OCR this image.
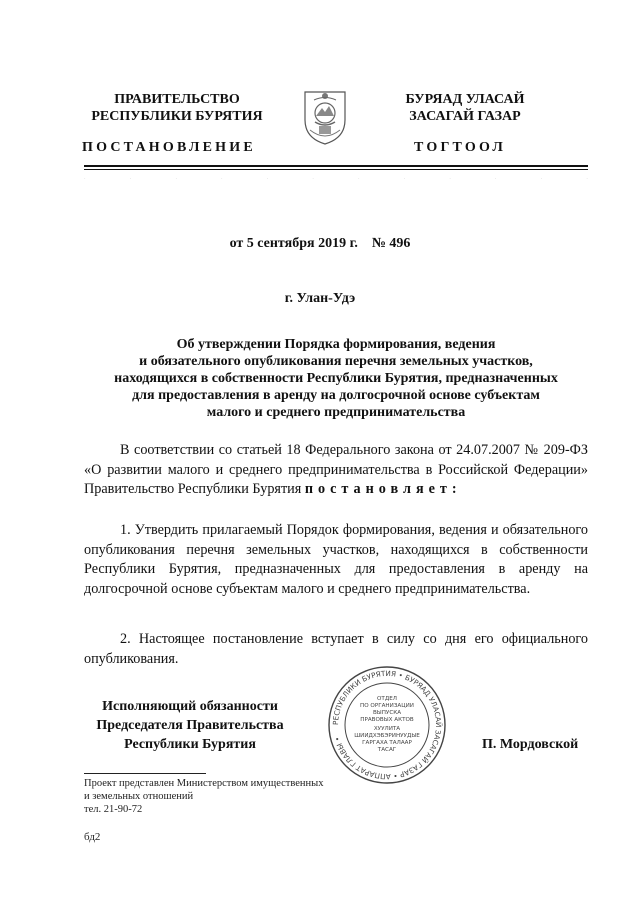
ПРАВИТЕЛЬСТВО
РЕСПУБЛИКИ БУРЯТИЯ
БУРЯАД УЛАСАЙ
ЗАСАГАЙ ГАЗАР
ПОСТАНОВЛЕНИЕ	ТОГТООЛ
·	·	·	·	·	·	·	·	·	·	·	·
от 5 сентября 2019 г.    № 496
г. Улан-Удэ
Об утверждении Порядка формирования, ведения
и обязательного опубликования перечня земельных участков,
находящихся в собственности Республики Бурятия, предназначенных
для предоставления в аренду на долгосрочной основе субъектам
малого и среднего предпринимательства
В соответствии со статьей 18 Федерального закона от 24.07.2007 № 209-ФЗ «О развитии малого и среднего предпринимательства в Российской Федерации» Правительство Республики Бурятия постановляет:
1. Утвердить прилагаемый Порядок формирования, ведения и обязательного опубликования перечня земельных участков, находящихся в собственности Республики Бурятия, предназначенных для предоставления в аренду на долгосрочной основе субъектам малого и среднего предпринимательства.
2. Настоящее постановление вступает в силу со дня его официального опубликования.
Исполняющий обязанности
Председателя Правительства
Республики Бурятия	П. Мордовской
РЕСПУБЛИКИ БУРЯТИЯ • БУРЯАД УЛАСАЙ ЗАСАГАЙ ГАЗАР • АППАРАТ ГЛАВЫ •
ОТДЕЛ
ПО ОРГАНИЗАЦИИ
ВЫПУСКА
ПРАВОВЫХ АКТОВ
ХУУЛИТА
ШИИДХЭБЭРИНУУДЫЕ
ГАРГАХА ТАЛААР
ТАСАГ
Проект представлен Министерством имущественных
и земельных отношений
тел. 21-90-72
бд2
